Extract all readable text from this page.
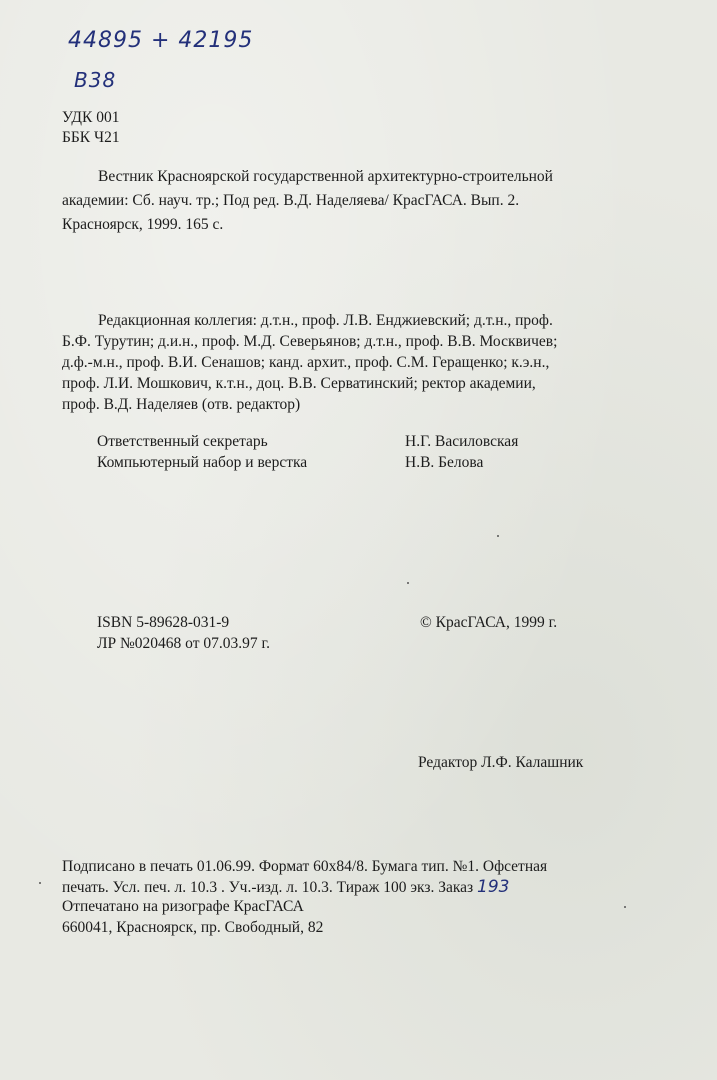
44895 + 42195
В38
УДК 001
ББК Ч21
Вестник Красноярской государственной архитектурно-строительной
академии: Сб. науч. тр.; Под ред. В.Д. Наделяева/ КрасГАСА. Вып. 2.
Красноярск, 1999. 165 с.
Редакционная коллегия: д.т.н., проф. Л.В. Енджиевский; д.т.н., проф.
Б.Ф. Турутин; д.и.н., проф. М.Д. Северьянов; д.т.н., проф. В.В. Москвичев;
д.ф.-м.н., проф. В.И. Сенашов; канд. архит., проф. С.М. Геращенко; к.э.н.,
проф. Л.И. Мошкович, к.т.н., доц. В.В. Серватинский; ректор академии,
проф. В.Д. Наделяев (отв. редактор)
Ответственный секретарь	Н.Г. Василовская
Компьютерный набор и верстка	Н.В. Белова
ISBN 5-89628-031-9	© КрасГАСА, 1999 г.
ЛР №020468 от 07.03.97 г.
Редактор Л.Ф. Калашник
Подписано в печать 01.06.99. Формат 60х84/8. Бумага тип. №1. Офсетная
печать. Усл. печ. л. 10.3 . Уч.-изд. л. 10.3. Тираж 100 экз. Заказ 193
Отпечатано на ризографе КрасГАСА
660041, Красноярск, пр. Свободный, 82
